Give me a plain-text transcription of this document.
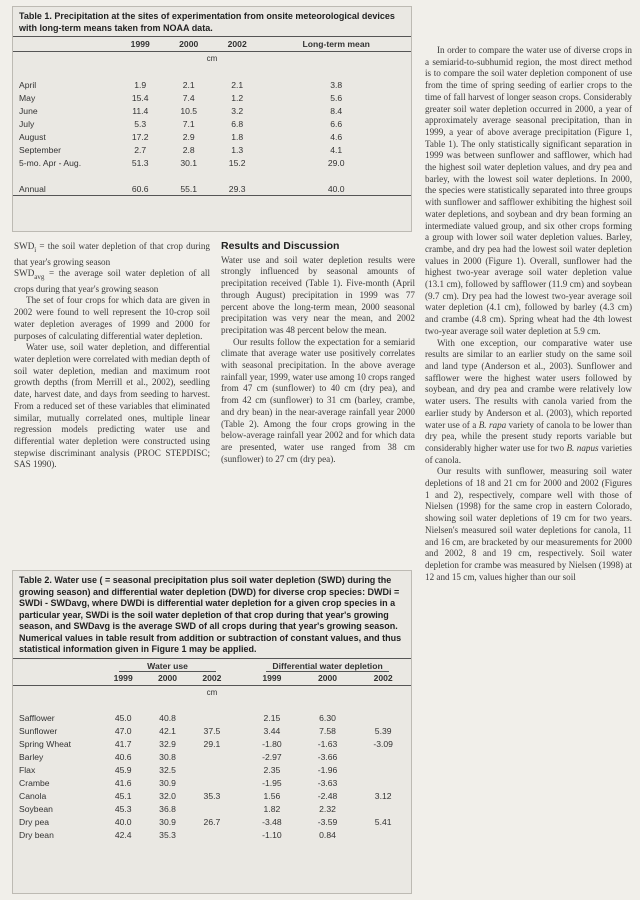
Table 1. Precipitation at the sites of experimentation from onsite meteorological devices with long-term means taken from NOAA data.
	1999	2000	2002	Long-term mean
cm				

April	1.9	2.1	2.1	3.8
May	15.4	7.4	1.2	5.6
June	11.4	10.5	3.2	8.4
July	5.3	7.1	6.8	6.6
August	17.2	2.9	1.8	4.6
September	2.7	2.8	1.3	4.1
5-mo. Apr - Aug.	51.3	30.1	15.2	29.0

Annual	60.6	55.1	29.3	40.0

$SWD_i$ = the soil water depletion of that crop during that year's growing season

$SWD_{avg}$ = the average soil water depletion of all crops during that year's growing season

The set of four crops for which data are given in 2002 were found to well represent the 10-crop soil water depletion averages of 1999 and 2000 for purposes of calculating differential water depletion.

Water use, soil water depletion, and differential water depletion were correlated with median depth of soil water depletion, median and maximum root growth depths (from Merrill et al., 2002), seedling date, harvest date, and days from seeding to harvest. From a reduced set of these variables that eliminated similar, mutually correlated ones, multiple linear regression models predicting water use and differential water depletion were constructed using stepwise discriminant analysis (PROC STEPDISC; SAS 1990).

Results and Discussion

Water use and soil water depletion results were strongly influenced by seasonal amounts of precipitation received (Table 1). Five-month (April through August) precipitation in 1999 was 77 percent above the long-term mean, 2000 seasonal precipitation was very near the mean, and 2002 precipitation was 48 percent below the mean.

Our results follow the expectation for a semiarid climate that average water use positively correlates with seasonal precipitation. In the above average rainfall year, 1999, water use among 10 crops ranged from 47 cm (sunflower) to 40 cm (dry pea), and from 42 cm (sunflower) to 31 cm (barley, crambe, and dry bean) in the near-average rainfall year 2000 (Table 2). Among the four crops growing in the below-average rainfall year 2002 and for which data are presented, water use ranged from 38 cm (sunflower) to 27 cm (dry pea).

In order to compare the water use of diverse crops in a semiarid-to-subhumid region, the most direct method is to compare the soil water depletion component of use from the time of spring seeding of earlier crops to the time of fall harvest of longer season crops. Considerably greater soil water depletion occurred in 2000, a year of approximately average seasonal precipitation, than in 1999, a year of above average precipitation (Figure 1, Table 1). The only statistically significant separation in 1999 was between sunflower and safflower, which had the highest soil water depletion values, and dry pea and barley, with the lowest soil water depletions. In 2000, the species were statistically separated into three groups with sunflower and safflower exhibiting the highest soil water depletions, and soybean and dry bean forming an intermediate valued group, and six other crops forming a group with lower soil water depletion values. Barley, crambe, and dry pea had the lowest soil water depletion values in 2000 (Figure 1). Overall, sunflower had the highest two-year average soil water depletion value (13.1 cm), followed by safflower (11.9 cm) and soybean (9.7 cm). Dry pea had the lowest two-year average soil water depletion (4.1 cm), followed by barley (4.3 cm) and crambe (4.8 cm). Spring wheat had the 4th lowest two-year average soil water depletion at 5.9 cm.

With one exception, our comparative water use results are similar to an earlier study on the same soil and land type (Anderson et al., 2003). Sunflower and safflower were the highest water users followed by soybean, and dry pea and crambe were relatively low water users. The results with canola varied from the earlier study by Anderson et al. (2003), which reported water use of a B. rapa variety of canola to be lower than dry pea, while the present study reports variable but considerably higher water use for two B. napus varieties of canola.

Our results with sunflower, measuring soil water depletions of 18 and 21 cm for 2000 and 2002 (Figures 1 and 2), respectively, compare well with those of Nielsen (1998) for the same crop in eastern Colorado, showing soil water depletions of 19 cm for two years. Nielsen's measured soil water depletions for canola, 11 and 16 cm, are bracketed by our measurements for 2000 and 2002, 8 and 19 cm, respectively. Soil water depletion for crambe was measured by Nielsen (1998) at 12 and 15 cm, values higher than our soil

Table 2. Water use ( = seasonal precipitation plus soil water depletion (SWD) during the growing season) and differential water depletion (DWD) for diverse crop species: DWDi = SWDi - SWDavg, where DWDi is differential water depletion for a given crop species in a particular year, SWDi is the soil water depletion of that crop during that year's growing season, and SWDavg is the average SWD of all crops during that year's growing season. Numerical values in table result from addition or subtraction of constant values, and thus statistical information given in Figure 1 may be applied.
	Water use				Differential water depletion		
	1999	2000	2002		1999	2000	2002
cm							

Safflower	45.0	40.8			2.15	6.30	
Sunflower	47.0	42.1	37.5		3.44	7.58	5.39
Spring Wheat	41.7	32.9	29.1		-1.80	-1.63	-3.09
Barley	40.6	30.8			-2.97	-3.66	
Flax	45.9	32.5			2.35	-1.96	
Crambe	41.6	30.9			-1.95	-3.63	
Canola	45.1	32.0	35.3		1.56	-2.48	3.12
Soybean	45.3	36.8			1.82	2.32	
Dry pea	40.0	30.9	26.7		-3.48	-3.59	5.41
Dry bean	42.4	35.3			-1.10	0.84	
